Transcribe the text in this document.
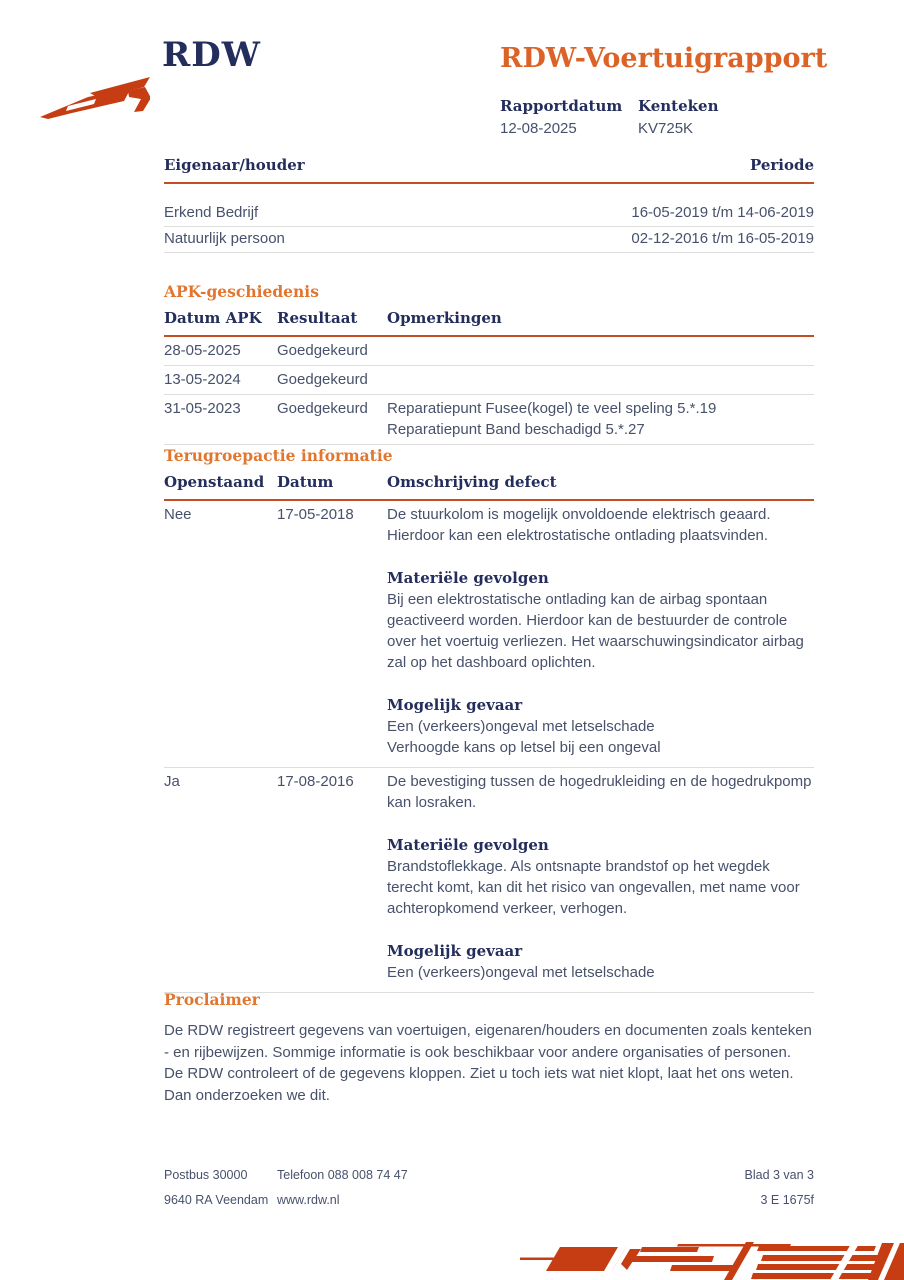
RDW	RDW-Voertuigrapport
Rapportdatum	Kenteken
12-08-2025	KV725K
Eigenaar/houder	Periode
Erkend Bedrijf	16-05-2019 t/m 14-06-2019
Natuurlijk persoon	02-12-2016 t/m 16-05-2019
APK-geschiedenis
Datum APK	Resultaat	Opmerkingen
28-05-2025	Goedgekeurd
13-05-2024	Goedgekeurd
31-05-2023	Goedgekeurd	Reparatiepunt Fusee(kogel) te veel speling 5.*.19
Reparatiepunt Band beschadigd 5.*.27
Terugroepactie informatie
Openstaand Datum	Omschrijving defect
Nee	17-05-2018	De stuurkolom is mogelijk onvoldoende elektrisch geaard. Hierdoor kan een elektrostatische ontlading plaatsvinden.
Materiële gevolgen
Bij een elektrostatische ontlading kan de airbag spontaan geactiveerd worden. Hierdoor kan de bestuurder de controle over het voertuig verliezen. Het waarschuwingsindicator airbag zal op het dashboard oplichten.
Mogelijk gevaar
Een (verkeers)ongeval met letselschade
Verhoogde kans op letsel bij een ongeval
Ja	17-08-2016	De bevestiging tussen de hogedrukleiding en de hogedrukpomp kan losraken.
Materiële gevolgen
Brandstoflekkage. Als ontsnapte brandstof op het wegdek terecht komt, kan dit het risico van ongevallen, met name voor achteropkomend verkeer, verhogen.
Mogelijk gevaar
Een (verkeers)ongeval met letselschade
Proclaimer

De RDW registreert gegevens van voertuigen, eigenaren/houders en documenten zoals kenteken - en rijbewijzen. Sommige informatie is ook beschikbaar voor andere organisaties of personen. De RDW controleert of de gegevens kloppen. Ziet u toch iets wat niet klopt, laat het ons weten. Dan onderzoeken we dit.

Postbus 30000	Telefoon 088 008 74 47	Blad 3 van 3
9640 RA Veendam www.rdw.nl	3 E 1675f
